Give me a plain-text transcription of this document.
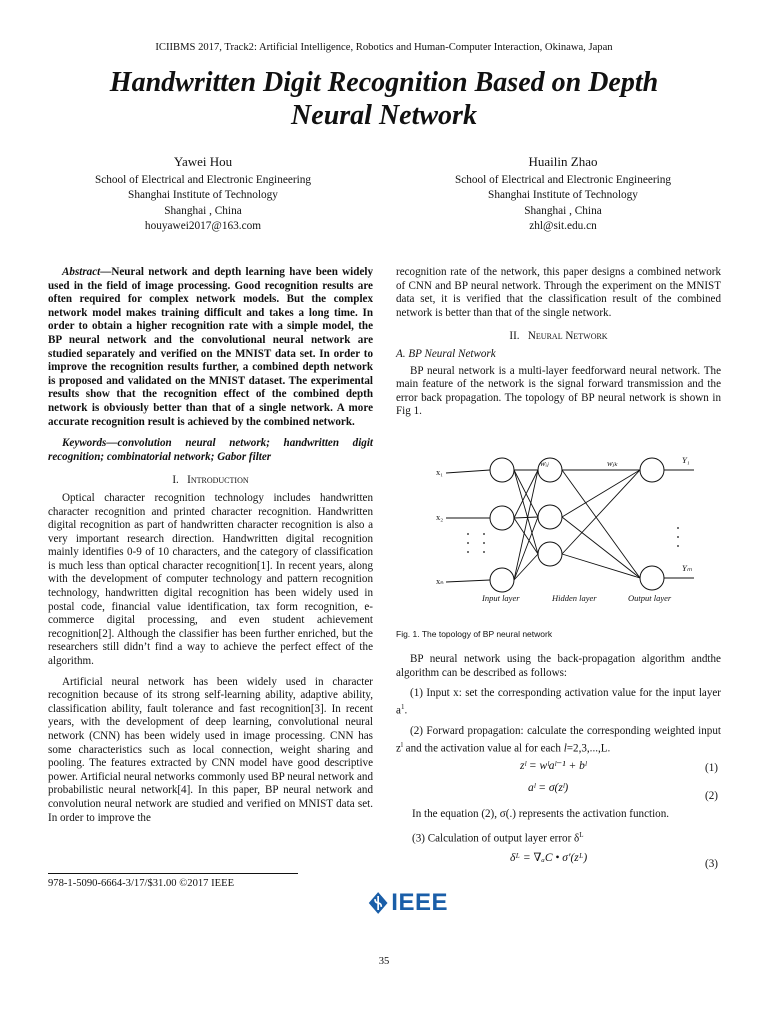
ICIIBMS 2017, Track2: Artificial Intelligence, Robotics and Human-Computer Interaction, Okinawa, Japan
Handwritten Digit Recognition Based on Depth
Neural Network
Yawei Hou
School of Electrical and Electronic Engineering
Shanghai Institute of Technology
Shanghai , China
houyawei2017@163.com
Huailin Zhao
School of Electrical and Electronic Engineering
Shanghai Institute of Technology
Shanghai , China
zhl@sit.edu.cn

Abstract—Neural network and depth learning have been widely used in the field of image processing. Good recognition results are often required for complex network models. But the complex network model makes training difficult and takes a long time. In order to obtain a higher recognition rate with a simple model, the BP neural network and the convolutional neural network are studied separately and verified on the MNIST data set. In order to improve the recognition results further, a combined depth network is proposed and validated on the MNIST dataset. The experimental results show that the recognition effect of the combined depth network is obviously better than that of a single network. A more accurate recognition result is achieved by the combined network.

Keywords—convolution neural network; handwritten digit recognition; combinatorial network; Gabor filter

I. Introduction

Optical character recognition technology includes handwritten character recognition and printed character recognition. Handwritten digital recognition as part of handwritten character recognition is also a very important research direction. Handwritten digital recognition mainly identifies 0-9 of 10 characters, and the category of classification is much less than optical character recognition[1]. In recent years, along with the development of computer technology and pattern recognition technology, handwritten digital recognition has been widely used in postal code, financial value identification, tax form recognition, e-commerce digital processing, and even student achievement recognition[2]. Although the classifier has been further enriched, but the researchers still didn’t find a way to achieve the perfect effect of the algorithm.

Artificial neural network has been widely used in character recognition because of its strong self-learning ability, adaptive ability, classification ability, fault tolerance and fast recognition[3]. In recent years, with the development of deep learning, convolutional neural network (CNN) has been widely used in image processing. CNN has some characteristics such as local connection, weight sharing and pooling. The features extracted by CNN model have good descriptive power. Artificial neural networks commonly used BP neural network and probabilistic neural network[4]. In this paper, BP neural network and convolution neural network are studied and verified on MNIST data set. In order to improve the

978-1-5090-6664-3/17/$31.00 ©2017 IEEE
IEEE
35

recognition rate of the network, this paper designs a combined network of CNN and BP neural network. Through the experiment on the MNIST data set, it is verified that the classification result of the combined network is better than that of the single network.

II. Neural Network

A. BP Neural Network

BP neural network is a multi-layer feedforward neural network. The main feature of the network is the signal forward transmission and the error back propagation. The topology of BP neural network is shown in Fig 1.

x₁
x₂
xₙ
Y₁
Yₘ
wᵢⱼ	wⱼₖ
Input layer	Hidden layer	Output layer
Fig. 1. The topology of BP neural network

BP neural network using the back-propagation algorithm andthe algorithm can be described as follows:

(1) Input x: set the corresponding activation value for the input layer $a^1$.

(2) Forward propagation: calculate the corresponding weighted input $z^l$ and the activation value al for each l=2,3,...,L.

zˡ = wˡaˡ⁻¹ + bˡ	(1)
aˡ = σ(zˡ)
(2)
In the equation (2), σ(.) represents the activation function.
(3) Calculation of output layer error $\delta^L$
δᴸ = ∇ₐC • σ′(zᴸ)	(3)
